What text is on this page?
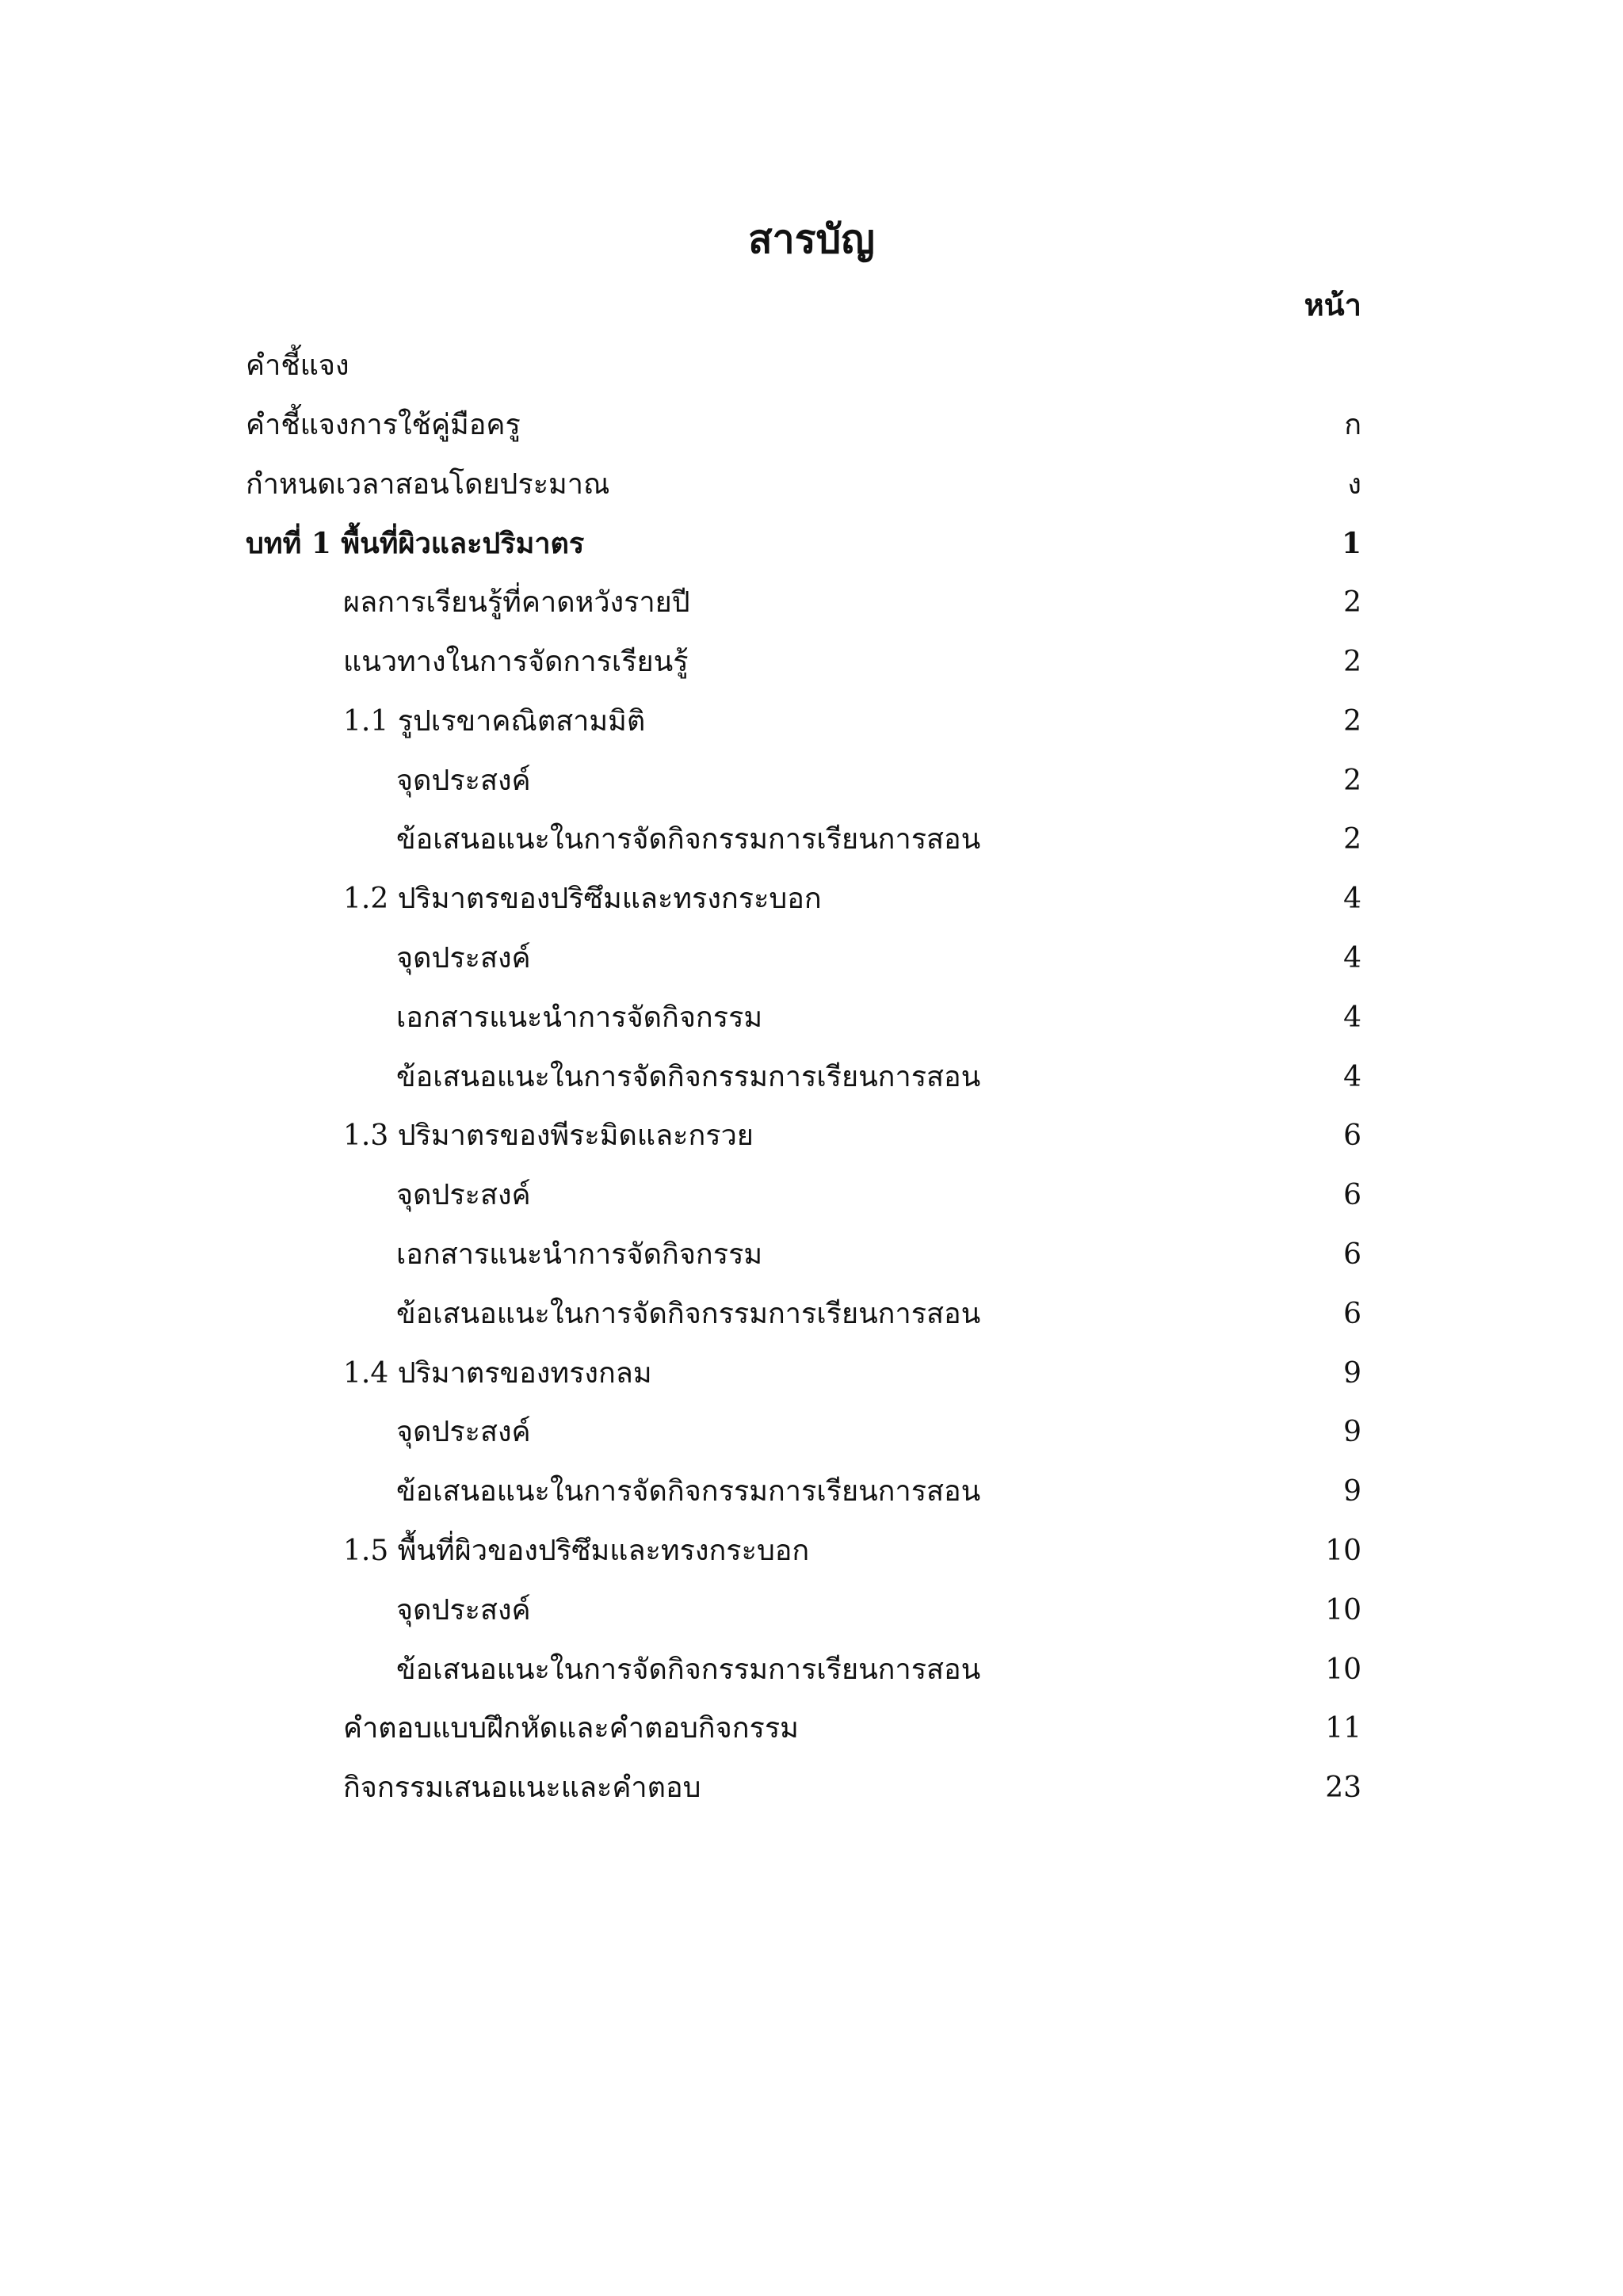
สารบัญ
หน้า
คำชี้แจง
คำชี้แจงการใช้คู่มือครู	ก
กำหนดเวลาสอนโดยประมาณ	ง
บทที่ 1 พื้นที่ผิวและปริมาตร	1
ผลการเรียนรู้ที่คาดหวังรายปี	2
แนวทางในการจัดการเรียนรู้	2
1.1 รูปเรขาคณิตสามมิติ	2
จุดประสงค์	2
ข้อเสนอแนะในการจัดกิจกรรมการเรียนการสอน	2
1.2 ปริมาตรของปริซึมและทรงกระบอก	4
จุดประสงค์	4
เอกสารแนะนำการจัดกิจกรรม	4
ข้อเสนอแนะในการจัดกิจกรรมการเรียนการสอน	4
1.3 ปริมาตรของพีระมิดและกรวย	6
จุดประสงค์	6
เอกสารแนะนำการจัดกิจกรรม	6
ข้อเสนอแนะในการจัดกิจกรรมการเรียนการสอน	6
1.4 ปริมาตรของทรงกลม	9
จุดประสงค์	9
ข้อเสนอแนะในการจัดกิจกรรมการเรียนการสอน	9
1.5 พื้นที่ผิวของปริซึมและทรงกระบอก	10
จุดประสงค์	10
ข้อเสนอแนะในการจัดกิจกรรมการเรียนการสอน	10
คำตอบแบบฝึกหัดและคำตอบกิจกรรม	11
กิจกรรมเสนอแนะและคำตอบ	23
